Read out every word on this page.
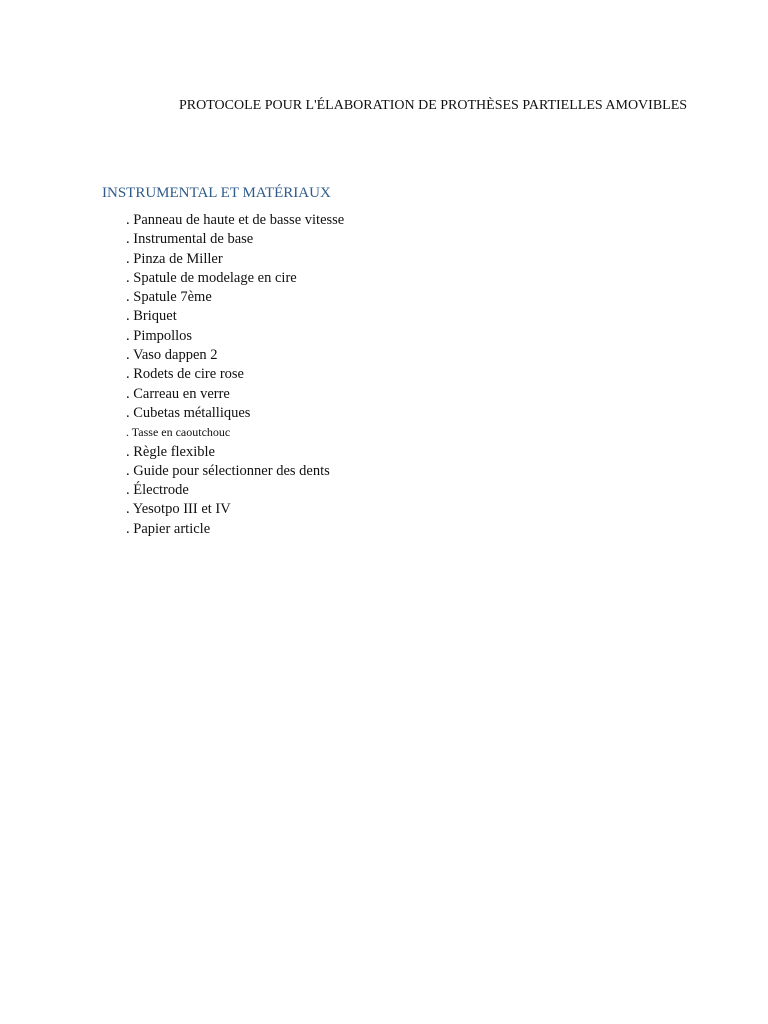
PROTOCOLE POUR L'ÉLABORATION DE PROTHÈSES PARTIELLES AMOVIBLES
INSTRUMENTAL ET MATÉRIAUX
. Panneau de haute et de basse vitesse
. Instrumental de base
. Pinza de Miller
. Spatule de modelage en cire
. Spatule 7ème
. Briquet
. Pimpollos
. Vaso dappen 2
. Rodets de cire rose
. Carreau en verre
. Cubetas métalliques
. Tasse en caoutchouc
. Règle flexible
. Guide pour sélectionner des dents
. Électrode
. Yesotpo III et IV
. Papier article
